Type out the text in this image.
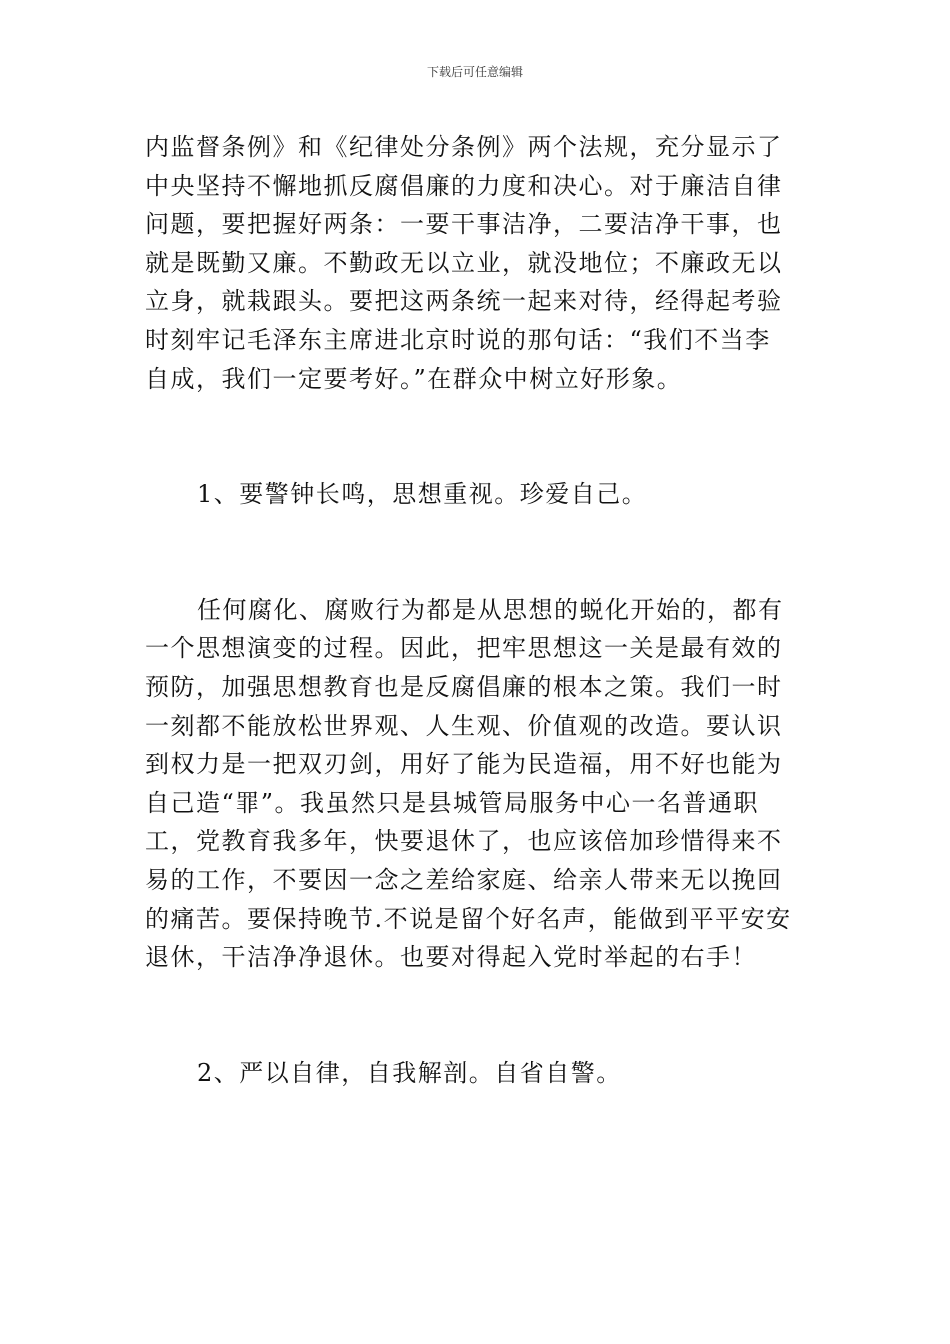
下载后可任意编辑
内监督条例》和《纪律处分条例》两个法规，充分显示了
中央坚持不懈地抓反腐倡廉的力度和决心。对于廉洁自律
问题，要把握好两条：一要干事洁净，二要洁净干事，也
就是既勤又廉。不勤政无以立业，就没地位；不廉政无以
立身，就栽跟头。要把这两条统一起来对待，经得起考验
时刻牢记毛泽东主席进北京时说的那句话：“我们不当李
自成，我们一定要考好。”在群众中树立好形象。
1、要警钟长鸣，思想重视。珍爱自己。
任何腐化、腐败行为都是从思想的蜕化开始的，都有
一个思想演变的过程。因此，把牢思想这一关是最有效的
预防，加强思想教育也是反腐倡廉的根本之策。我们一时
一刻都不能放松世界观、人生观、价值观的改造。要认识
到权力是一把双刃剑，用好了能为民造福，用不好也能为
自己造“罪”。我虽然只是县城管局服务中心一名普通职
工，党教育我多年，快要退休了，也应该倍加珍惜得来不
易的工作，不要因一念之差给家庭、给亲人带来无以挽回
的痛苦。要保持晚节.不说是留个好名声，能做到平平安安
退休，干洁净净退休。也要对得起入党时举起的右手！
2、严以自律，自我解剖。自省自警。
